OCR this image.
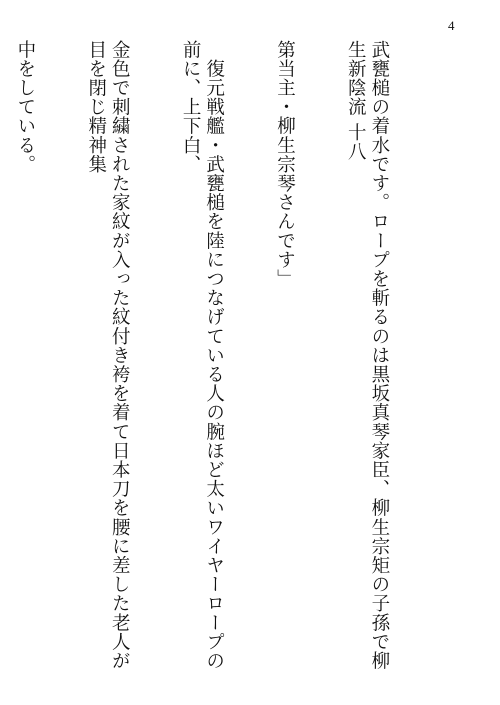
4

武甕槌の着水です。ロープを斬るのは黒坂真琴家臣、柳生宗矩の子孫で柳生新陰流 十八

第当主・柳生宗琴さんです」

　復元戦艦・武甕槌を陸につなげている人の腕ほど太いワイヤーロープの前に、上下白、

金色で刺繍された家紋が入った紋付き袴を着て日本刀を腰に差した老人が目を閉じ精神集

中をしている。
